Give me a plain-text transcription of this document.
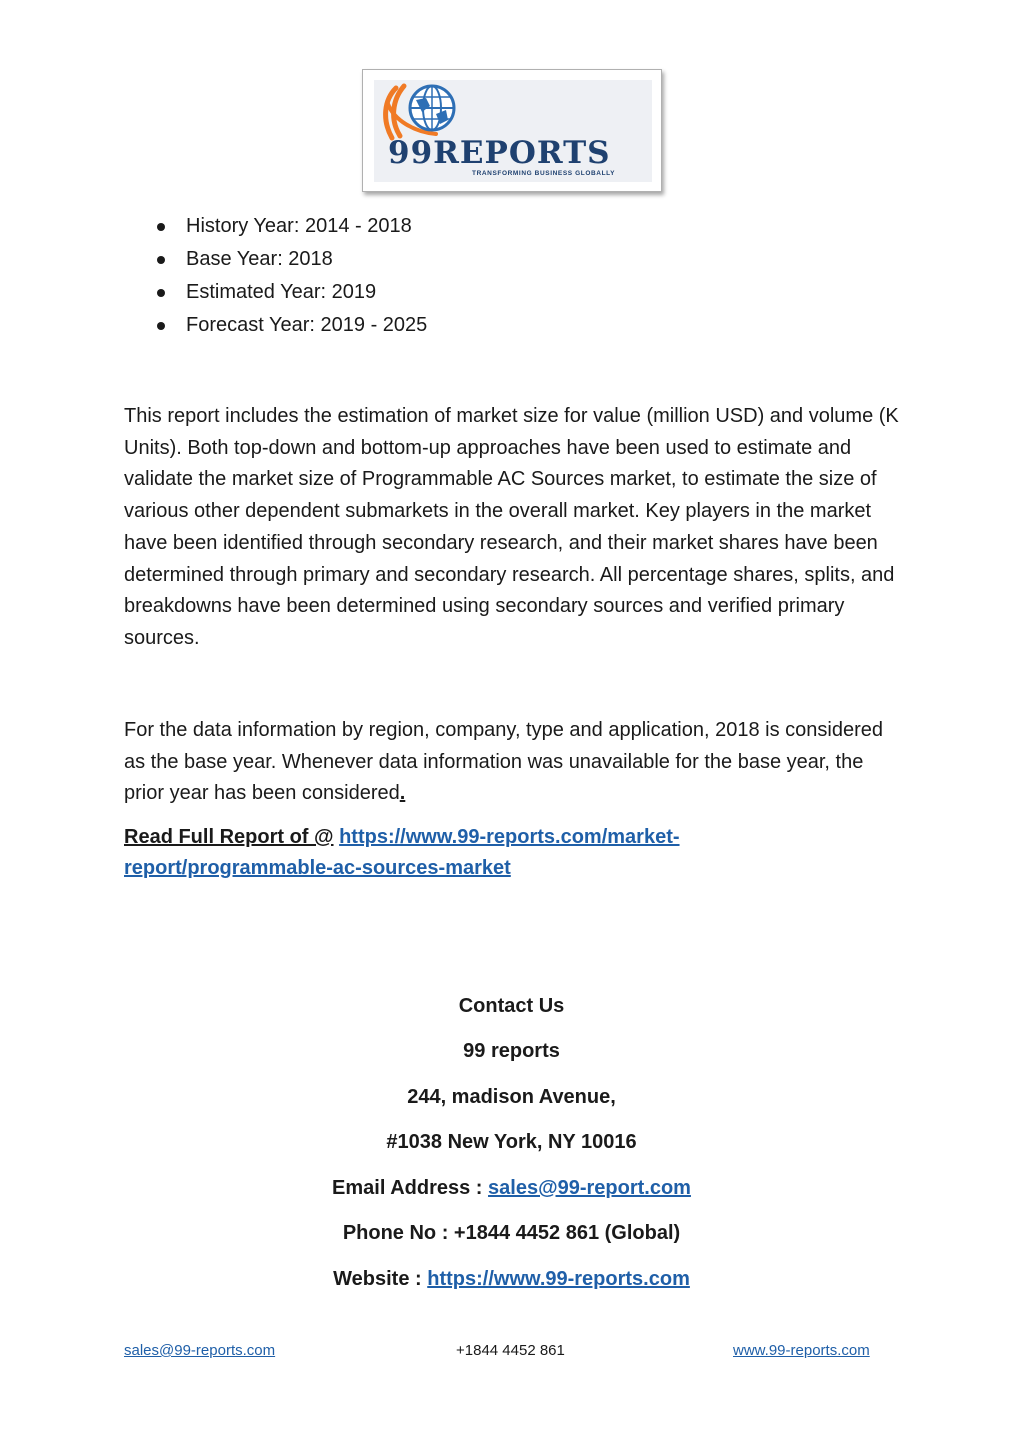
99REPORTS
TRANSFORMING BUSINESS GLOBALLY
History Year: 2014 - 2018
Base Year: 2018
Estimated Year: 2019
Forecast Year: 2019 - 2025

This report includes the estimation of market size for value (million USD) and volume (K Units). Both top-down and bottom-up approaches have been used to estimate and validate the market size of Programmable AC Sources market, to estimate the size of various other dependent submarkets in the overall market. Key players in the market have been identified through secondary research, and their market shares have been determined through primary and secondary research. All percentage shares, splits, and breakdowns have been determined using secondary sources and verified primary sources.

For the data information by region, company, type and application, 2018 is considered as the base year. Whenever data information was unavailable for the base year, the prior year has been considered.

Read Full Report of @ https://www.99-reports.com/market-
report/programmable-ac-sources-market
Contact Us
99 reports
244, madison Avenue,
#1038 New York, NY 10016
Email Address : sales@99-report.com
Phone No : +1844 4452 861 (Global)
Website : https://www.99-reports.com
sales@99-reports.com	+1844 4452 861	www.99-reports.com
